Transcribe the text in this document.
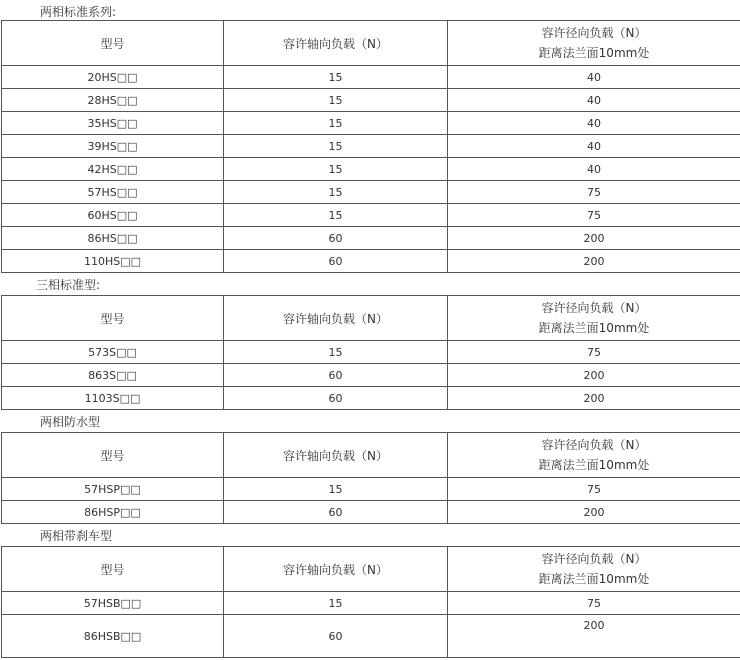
两相标准系列:
型号	容许轴向负载（N）	容许径向负载（N）
距离法兰面10mm处

20HS□□	15	40
28HS□□	15	40
35HS□□	15	40
39HS□□	15	40
42HS□□	15	40
57HS□□	15	75
60HS□□	15	75
86HS□□	60	200
110HS□□	60	200
三相标准型:
型号	容许轴向负载（N）	容许径向负载（N）
距离法兰面10mm处

573S□□	15	75
863S□□	60	200
1103S□□	60	200
两相防水型
型号	容许轴向负载（N）	容许径向负载（N）
距离法兰面10mm处

57HSP□□	15	75
86HSP□□	60	200
两相带刹车型
型号	容许轴向负载（N）	容许径向负载（N）
距离法兰面10mm处

57HSB□□	15	75
86HSB□□	60	200
